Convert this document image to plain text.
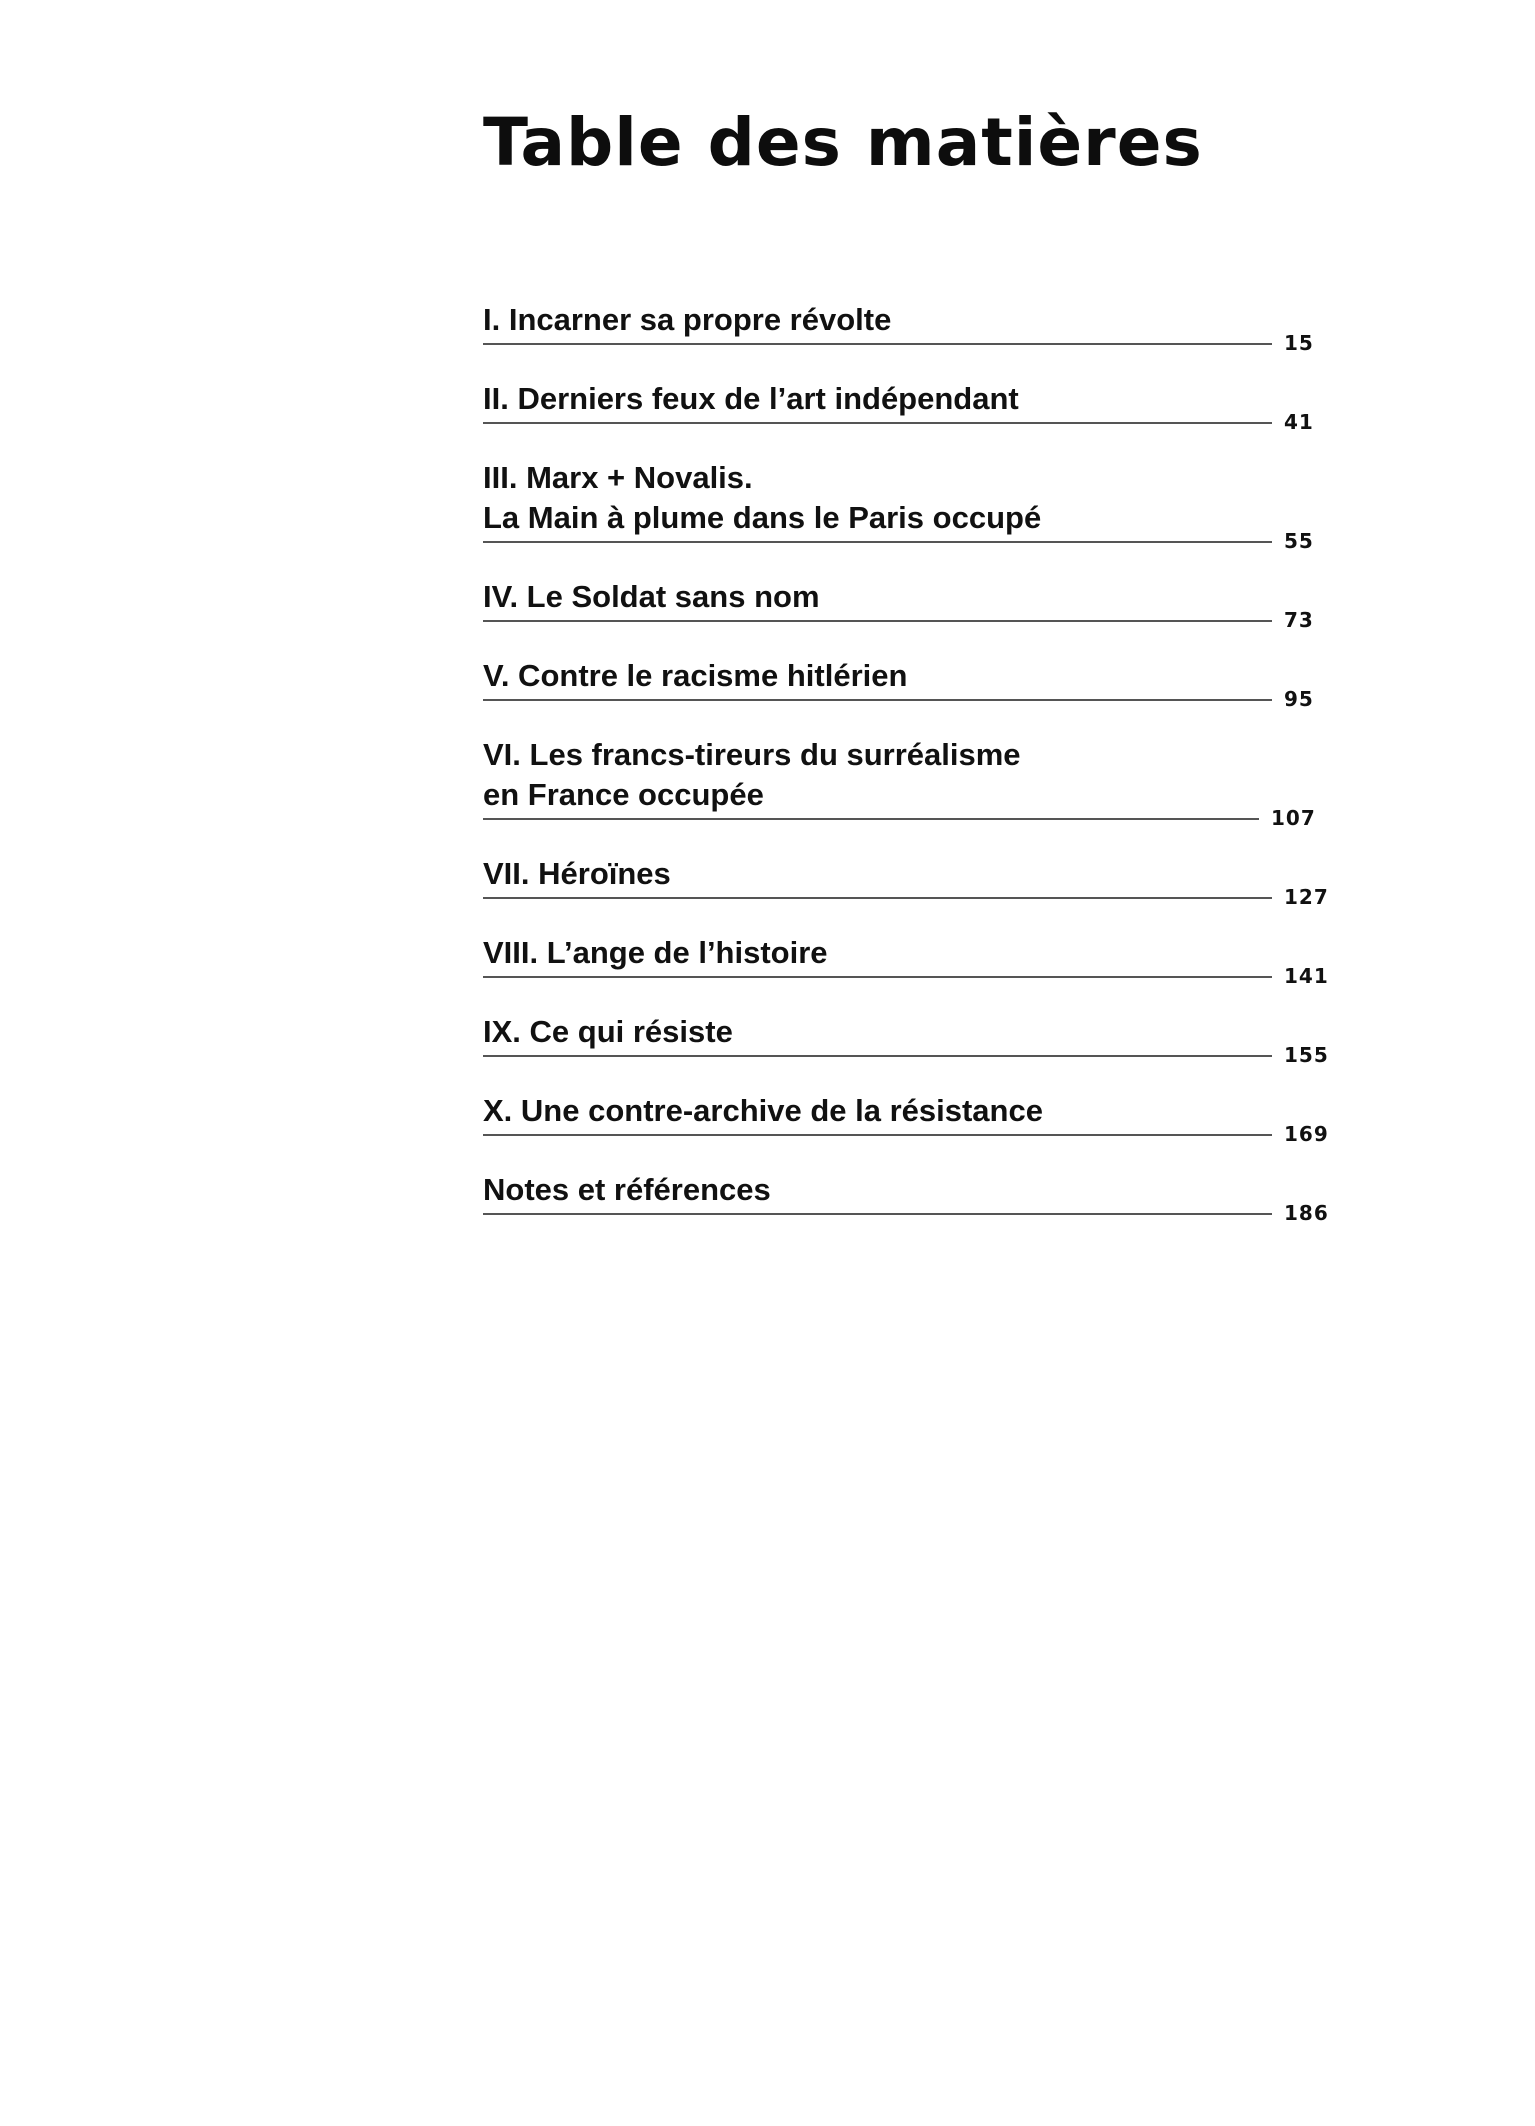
Table des matières
I. Incarner sa propre révolte
15
II. Derniers feux de l’art indépendant
41
III. Marx + Novalis.
La Main à plume dans le Paris occupé
55
IV. Le Soldat sans nom
73
V. Contre le racisme hitlérien
95
VI. Les francs-tireurs du surréalisme
en France occupée
107
VII. Héroïnes
127
VIII. L’ange de l’histoire
141
IX. Ce qui résiste
155
X. Une contre-archive de la résistance
169
Notes et références
186
